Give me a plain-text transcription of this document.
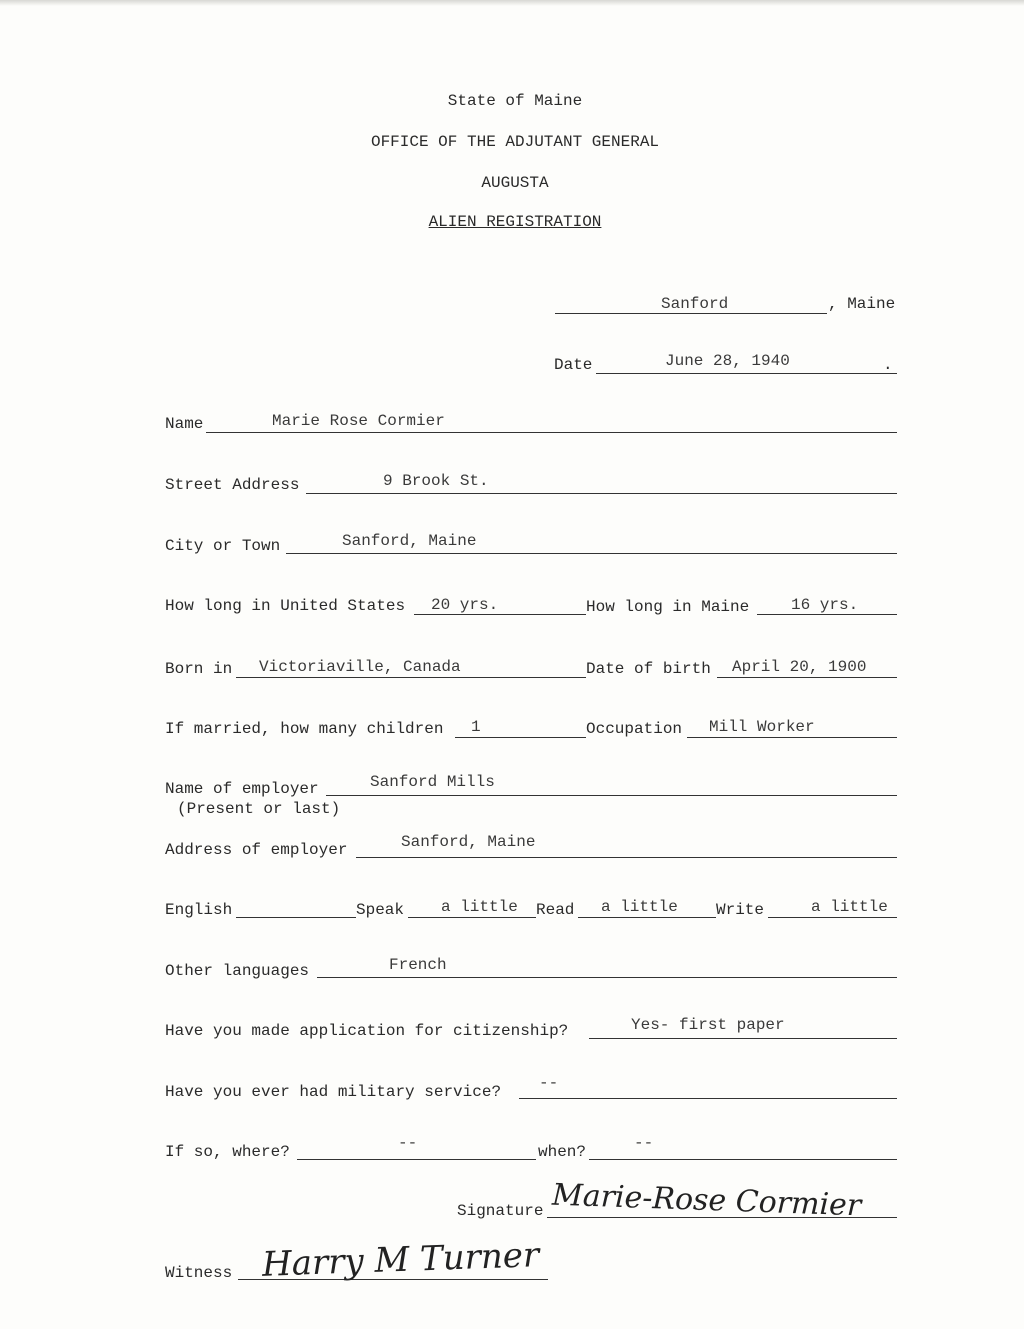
State of Maine
OFFICE OF THE ADJUTANT GENERAL
AUGUSTA
ALIEN REGISTRATION
Sanford	, Maine
Date	June 28, 1940	.
Name	Marie Rose Cormier
Street Address	9 Brook St.
City or Town	Sanford, Maine
How long in United States 20 yrs.	How long in Maine	16 yrs.
Born in Victoriaville, Canada	Date of birth April 20, 1900
If married, how many children 1	Occupation Mill Worker
Name of employer
(Present or last)
Sanford Mills
Address of employer	Sanford, Maine
English	Speak a little Read a little Write	a little
Other languages	French
Have you made application for citizenship?	Yes- first paper
Have you ever had military service? --
If so, where?	--	when?	--
Signature Marie-Rose Cormier
Witness Harry M Turner
